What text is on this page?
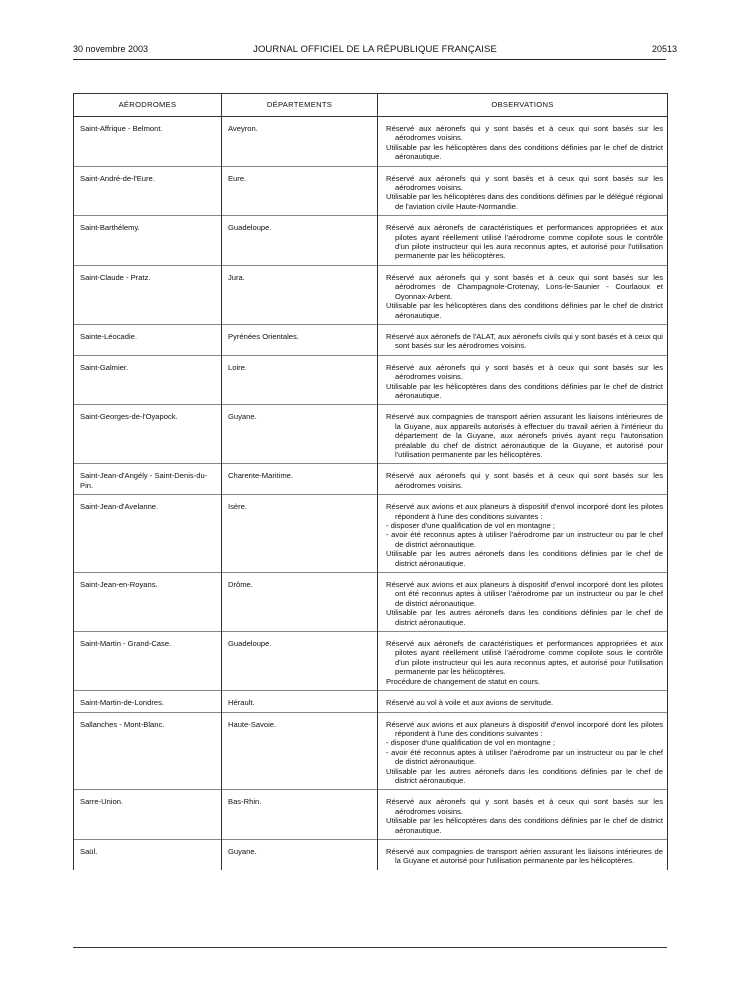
30 novembre 2003	JOURNAL OFFICIEL DE LA RÉPUBLIQUE FRANÇAISE	20513
AÉRODROMES	DÉPARTEMENTS	OBSERVATIONS
Saint-Affrique - Belmont.	Aveyron.	Réservé aux aéronefs qui y sont basés et à ceux qui sont basés sur les aérodromes voisins.
Utilisable par les hélicoptères dans des conditions définies par le chef de district aéronautique.

Saint-André-de-l'Eure.	Eure.	Réservé aux aéronefs qui y sont basés et à ceux qui sont basés sur les aérodromes voisins.
Utilisable par les hélicoptères dans des conditions définies par le délégué régional de l'aviation civile Haute-Normandie.

Saint-Barthélemy.	Guadeloupe.	Réservé aux aéronefs de caractéristiques et performances appropriées et aux pilotes ayant réellement utilisé l'aérodrome comme copilote sous le contrôle d'un pilote instructeur qui les aura reconnus aptes, et autorisé pour l'utilisation permanente par les hélicoptères.

Saint-Claude - Pratz.	Jura.	Réservé aux aéronefs qui y sont basés et à ceux qui sont basés sur les aérodromes de Champagnole-Crotenay, Lons-le-Saunier - Courlaoux et Oyonnax-Arbent.
Utilisable par les hélicoptères dans des conditions définies par le chef de district aéronautique.

Sainte-Léocadie.	Pyrénées Orientales.	Réservé aux aéronefs de l'ALAT, aux aéronefs civils qui y sont basés et à ceux qui sont basés sur les aérodromes voisins.

Saint-Galmier.	Loire.	Réservé aux aéronefs qui y sont basés et à ceux qui sont basés sur les aérodromes voisins.
Utilisable par les hélicoptères dans des conditions définies par le chef de district aéronautique.

Saint-Georges-de-l'Oyapock.	Guyane.	Réservé aux compagnies de transport aérien assurant les liaisons intérieures de la Guyane, aux appareils autorisés à effectuer du travail aérien à l'intérieur du département de la Guyane, aux aéronefs privés ayant reçu l'autorisation préalable du chef de district aéronautique de la Guyane, et autorisé pour l'utilisation permanente par les hélicoptères.

Saint-Jean-d'Angély - Saint-Denis-du-Pin.	Charente-Maritime.	Réservé aux aéronefs qui y sont basés et à ceux qui sont basés sur les aérodromes voisins.

Saint-Jean-d'Avelanne.	Isère.	Réservé aux avions et aux planeurs à dispositif d'envol incorporé dont les pilotes répondent à l'une des conditions suivantes :
- disposer d'une qualification de vol en montagne ;
- avoir été reconnus aptes à utiliser l'aérodrome par un instructeur ou par le chef de district aéronautique.
Utilisable par les autres aéronefs dans les conditions définies par le chef de district aéronautique.

Saint-Jean-en-Royans.	Drôme.	Réservé aux avions et aux planeurs à dispositif d'envol incorporé dont les pilotes ont été reconnus aptes à utiliser l'aérodrome par un instructeur ou par le chef de district aéronautique.
Utilisable par les autres aéronefs dans les conditions définies par le chef de district aéronautique.

Saint-Martin - Grand-Case.	Guadeloupe.	Réservé aux aéronefs de caractéristiques et performances appropriées et aux pilotes ayant réellement utilisé l'aérodrome comme copilote sous le contrôle d'un pilote instructeur qui les aura reconnus aptes, et autorisé pour l'utilisation permanente par les hélicoptères.
Procédure de changement de statut en cours.

Saint-Martin-de-Londres.	Hérault.	Réservé au vol à voile et aux avions de servitude.

Sallanches - Mont-Blanc.	Haute-Savoie.	Réservé aux avions et aux planeurs à dispositif d'envol incorporé dont les pilotes répondent à l'une des conditions suivantes :
- disposer d'une qualification de vol en montagne ;
- avoir été reconnus aptes à utiliser l'aérodrome par un instructeur ou par le chef de district aéronautique.
Utilisable par les autres aéronefs dans les conditions définies par le chef de district aéronautique.

Sarre-Union.	Bas-Rhin.	Réservé aux aéronefs qui y sont basés et à ceux qui sont basés sur les aérodromes voisins.
Utilisable par les hélicoptères dans des conditions définies par le chef de district aéronautique.

Saül.	Guyane.	Réservé aux compagnies de transport aérien assurant les liaisons intérieures de la Guyane et autorisé pour l'utilisation permanente par les hélicoptères.
